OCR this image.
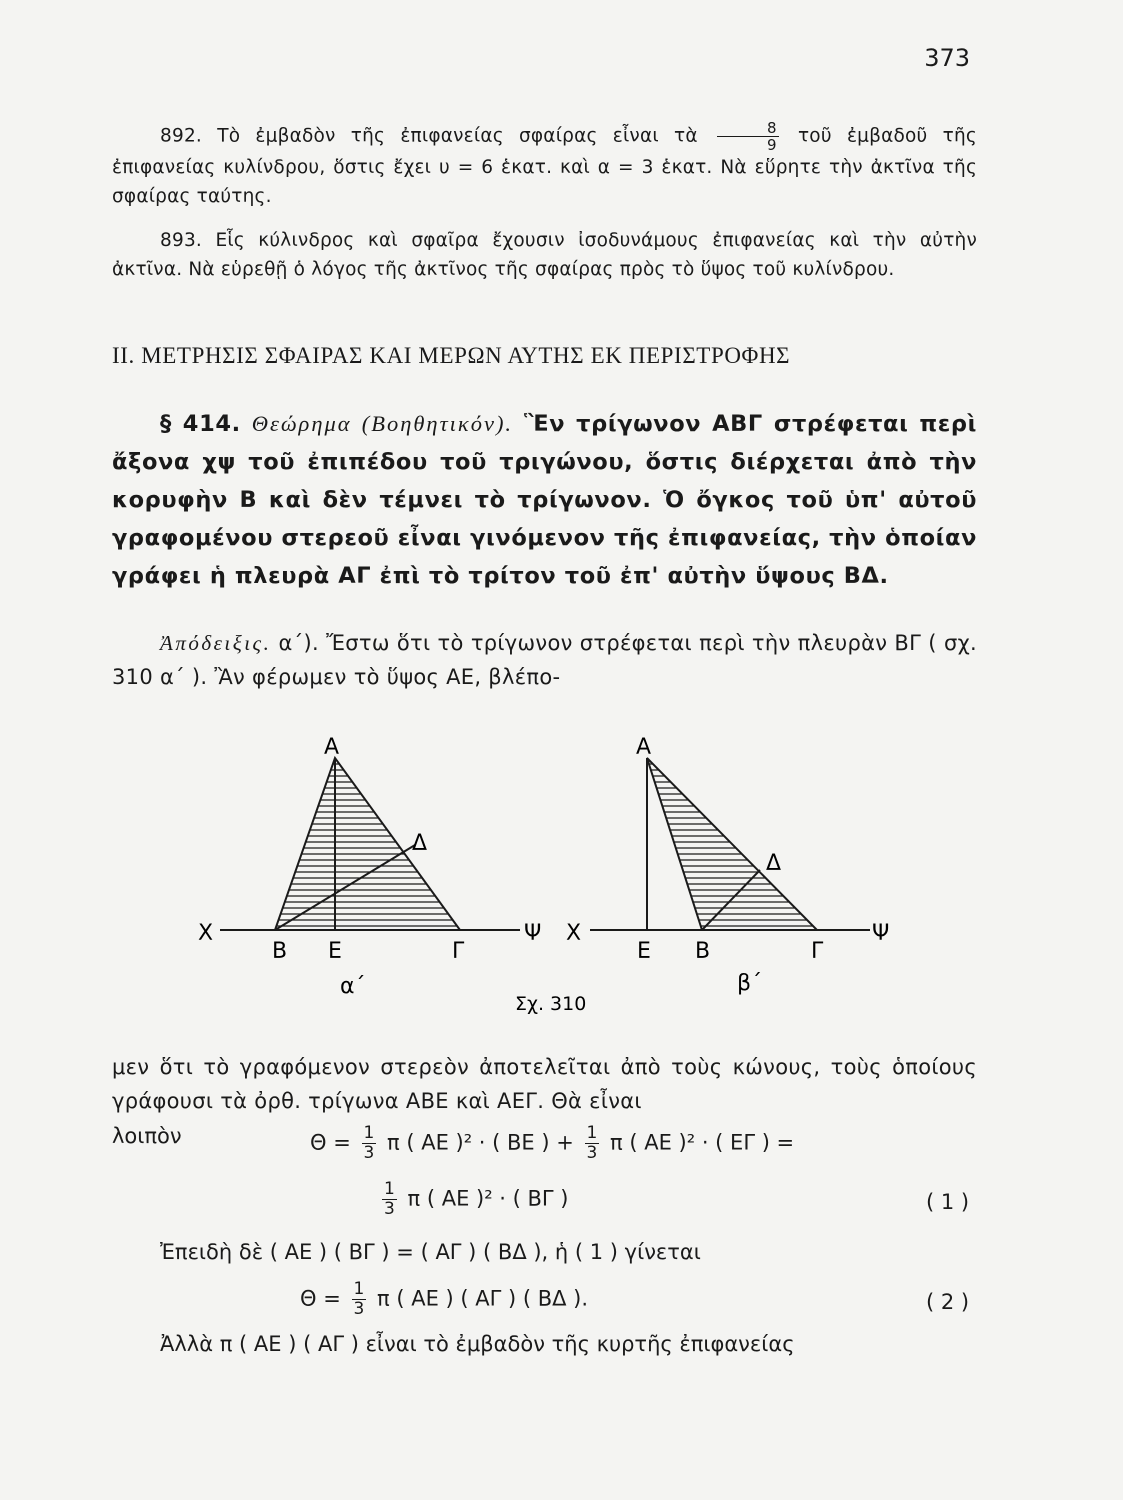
373
892. Τὸ ἐμβαδὸν τῆς ἐπιφανείας σφαίρας εἶναι τὰ $\frac{8}{9}$ τοῦ ἐμβαδοῦ τῆς ἐπιφανείας κυλίνδρου, ὅστις ἔχει υ = 6 ἑκατ. καὶ α = 3 ἑκατ. Νὰ εὕρητε τὴν ἀκτῖνα τῆς σφαίρας ταύτης.
893. Εἷς κύλινδρος καὶ σφαῖρα ἔχουσιν ἰσοδυνάμους ἐπιφανείας καὶ τὴν αὐτὴν ἀκτῖνα. Νὰ εὑρεθῇ ὁ λόγος τῆς ἀκτῖνος τῆς σφαίρας πρὸς τὸ ὕψος τοῦ κυλίνδρου.
II. ΜΕΤΡΗΣΙΣ ΣΦΑΙΡΑΣ ΚΑΙ ΜΕΡΩΝ ΑΥΤΗΣ ΕΚ ΠΕΡΙΣΤΡΟΦΗΣ
§ 414. Θεώρημα (Βοηθητικόν). Ἓν τρίγωνον ΑΒΓ στρέφεται περὶ ἄξονα χψ τοῦ ἐπιπέδου τοῦ τριγώνου, ὅστις διέρχεται ἀπὸ τὴν κορυφὴν Β καὶ δὲν τέμνει τὸ τρίγωνον. Ὁ ὄγκος τοῦ ὑπ' αὐτοῦ γραφομένου στερεοῦ εἶναι γινόμενον τῆς ἐπιφανείας, τὴν ὁποίαν γράφει ἡ πλευρὰ ΑΓ ἐπὶ τὸ τρίτον τοῦ ἐπ' αὐτὴν ὕψους ΒΔ.
Ἀπόδειξις. α΄). Ἔστω ὅτι τὸ τρίγωνον στρέφεται περὶ τὴν πλευρὰν ΒΓ ( σχ. 310 α΄ ). Ἂν φέρωμεν τὸ ὕψος ΑΕ, βλέπο-
Α
Δ
Χ
Β Ε	Γ
Ψ
α΄
Α
Δ
Χ
Ε Β	Γ
Ψ
β΄
Σχ. 310
μεν ὅτι τὸ γραφόμενον στερεὸν ἀποτελεῖται ἀπὸ τοὺς κώνους, τοὺς ὁποίους γράφουσι τὰ ὀρθ. τρίγωνα ΑΒΕ καὶ ΑΕΓ. Θὰ εἶναι
λοιπὸν	$\Theta = \frac{1}{3}$ π ( ΑΕ )² · ( ΒΕ ) + $\frac{1}{3}$ π ( ΑΕ )² · ( ΕΓ ) =
$\frac{1}{3}$ π ( ΑΕ )² · ( ΒΓ )	( 1 )
Ἐπειδὴ δὲ ( ΑΕ ) ( ΒΓ ) = ( ΑΓ ) ( ΒΔ ), ἡ ( 1 ) γίνεται
$\Theta = \frac{1}{3}$ π ( ΑΕ ) ( ΑΓ ) ( ΒΔ ).	( 2 )
Ἀλλὰ π ( ΑΕ ) ( ΑΓ ) εἶναι τὸ ἐμβαδὸν τῆς κυρτῆς ἐπιφανείας
